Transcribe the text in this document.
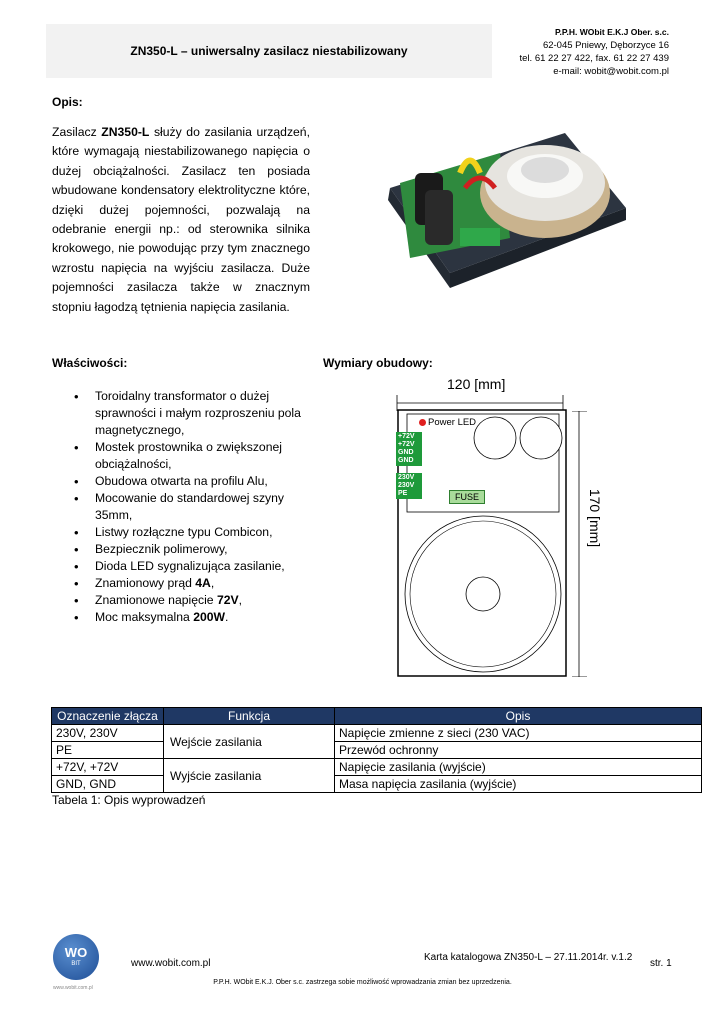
ZN350-L – uniwersalny zasilacz niestabilizowany
P.P.H. WObit E.K.J Ober. s.c.
62-045 Pniewy, Dęborzyce 16
tel. 61 22 27 422, fax. 61 22 27 439
e-mail: wobit@wobit.com.pl
Opis:
Zasilacz ZN350-L służy do zasilania urządzeń, które wymagają niestabilizowanego napięcia o dużej obciążalności. Zasilacz ten posiada wbudowane kondensatory elektrolityczne które, dzięki dużej pojemności, pozwalają na odebranie energii np.: od sterownika silnika krokowego, nie powodując przy tym znacznego wzrostu napięcia na wyjściu zasilacza. Duże pojemności zasilacza także w znacznym stopniu łagodzą tętnienia napięcia zasilania.
Właściwości:
• Toroidalny transformator o dużej sprawności i małym rozproszeniu pola magnetycznego,
• Mostek prostownika o zwiększonej obciążalności,
• Obudowa otwarta na profilu Alu,
• Mocowanie do standardowej szyny 35mm,
• Listwy rozłączne typu Combicon,
• Bezpiecznik polimerowy,
• Dioda LED sygnalizująca zasilanie,
• Znamionowy prąd 4A,
• Znamionowe napięcie 72V,
• Moc maksymalna 200W.
Wymiary obudowy:
120 [mm]
Power LED
+72V
+72V
GND
GND
230V
230V
PE	FUSE	170 [mm]
Oznaczenie złącza	Funkcja	Opis
230V, 230V	Wejście zasilania	Napięcie zmienne z sieci (230 VAC)
PE		Przewód ochronny
+72V, +72V	Wyjście zasilania	Napięcie zasilania (wyjście)
GND, GND		Masa napięcia zasilania (wyjście)
Tabela 1: Opis wyprowadzeń
WO
BIT
www.wobit.com.pl
www.wobit.com.pl
Karta katalogowa ZN350-L – 27.11.2014r. v.1.2
str. 1
P.P.H. WObit E.K.J. Ober s.c. zastrzega sobie możliwość wprowadzania zmian bez uprzedzenia.
